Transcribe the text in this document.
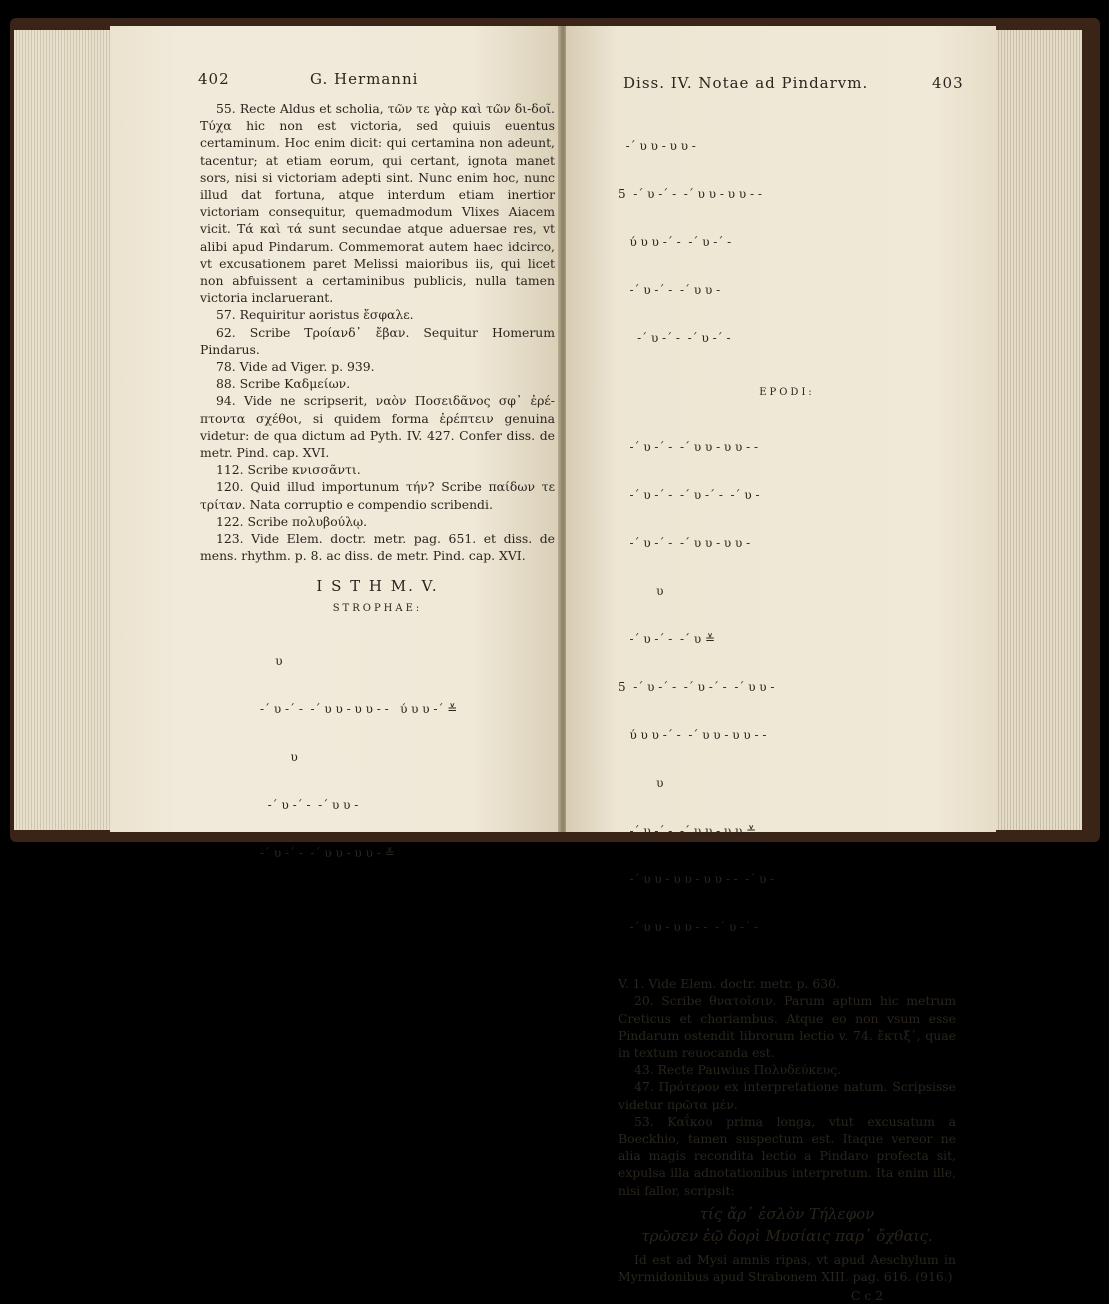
402	G. Hermanni

55. Recte Aldus et scholia, τῶν τε γὰρ καὶ τῶν δι-δοῖ. Τύχα hic non est victoria, sed quiuis euentus certaminum. Hoc enim dicit: qui certamina non adeunt, tacentur; at etiam eorum, qui certant, ignota manet sors, nisi si victoriam adepti sint. Nunc enim hoc, nunc illud dat fortuna, atque interdum etiam inertior victoriam consequitur, quemadmodum Vlixes Aiacem vicit. Τά καὶ τά sunt secundae atque aduersae res, vt alibi apud Pindarum. Commemorat autem haec idcirco, vt excusationem paret Melissi maioribus iis, qui licet non abfuissent a certaminibus publicis, nulla tamen victoria inclaruerant.

57. Requiritur aoristus ἔσφαλε.

62. Scribe Τροίανδ᾽ ἔβαν. Sequitur Homerum Pindarus.

78. Vide ad Viger. p. 939.

88. Scribe Καδμείων.

94. Vide ne scripserit, ναὸν Ποσειδᾶνος σφ᾽ ἐρέ-πτοντα σχέθοι, si quidem forma ἐρέπτειν genuina videtur: de qua dictum ad Pyth. IV. 427. Confer diss. de metr. Pind. cap. XVI.

112. Scribe κνισσᾶντι.

120. Quid illud importunum τήν? Scribe παίδων τε τρίταν. Nata corruptio e compendio scribendi.

122. Scribe πολυβούλῳ.

123. Vide Elem. doctr. metr. pag. 651. et diss. de mens. rhythm. p. 8. ac diss. de metr. Pind. cap. XVI.

I S T H M. V.
STROPHAE:

υ

-´ υ -´ -  -´ υ υ - υ υ - -   ύ υ υ -´ ≚

υ

-´ υ -´ -  -´ υ υ -

-´ υ -´ -  -´ υ υ - υ υ - ≚

Diss. IV. Notae ad Pindarvm.	403

-´ υ υ - υ υ -

5  -´ υ -´ -  -´ υ υ - υ υ - -

ύ υ υ -´ -  -´ υ -´ -

-´ υ -´ -  -´ υ υ -

-´ υ -´ -  -´ υ -´ -

EPODI:

-´ υ -´ -  -´ υ υ - υ υ - -

-´ υ -´ -  -´ υ -´ -  -´ υ -

-´ υ -´ -  -´ υ υ - υ υ -

υ

-´ υ -´ -  -´ υ ≚

5  -´ υ -´ -  -´ υ -´ -  -´ υ υ -

ύ υ υ -´ -  -´ υ υ - υ υ - -

υ

-´ υ -´ -  -´ υ υ - υ υ ≚

-´ υ υ - υ υ - υ υ - -  -´ υ -

-´ υ υ - υ υ - -  -´ υ -´ -

V. 1. Vide Elem. doctr. metr. p. 630.

20. Scribe θνατοῖσιν. Parum aptum hic metrum Creticus et choriambus. Atque eo non vsum esse Pindarum ostendit librorum lectio v. 74. ἔκτιξ᾽, quae in textum reuocanda est.

43. Recte Pauwius Πολυδεύκευς.

47. Πρότερον ex interpretatione natum. Scripsisse videtur πρῶτα μέν.

53. Καΐκου prima longa, vtut excusatum a Boeckhio, tamen suspectum est. Itaque vereor ne alia magis recondita lectio a Pindaro profecta sit, expulsa illa adnotationibus interpretum. Ita enim ille, nisi fallor, scripsit:

τίς ἄρ᾽ ἐσλὸν Τήλεφον
τρῶσεν ἐῷ δορὶ Μυσίαις παρ᾽ ὄχθαις.

Id est ad Mysi amnis ripas, vt apud Aeschylum in Myrmidonibus apud Strabonem XIII. pag. 616. (916.)

C c 2
